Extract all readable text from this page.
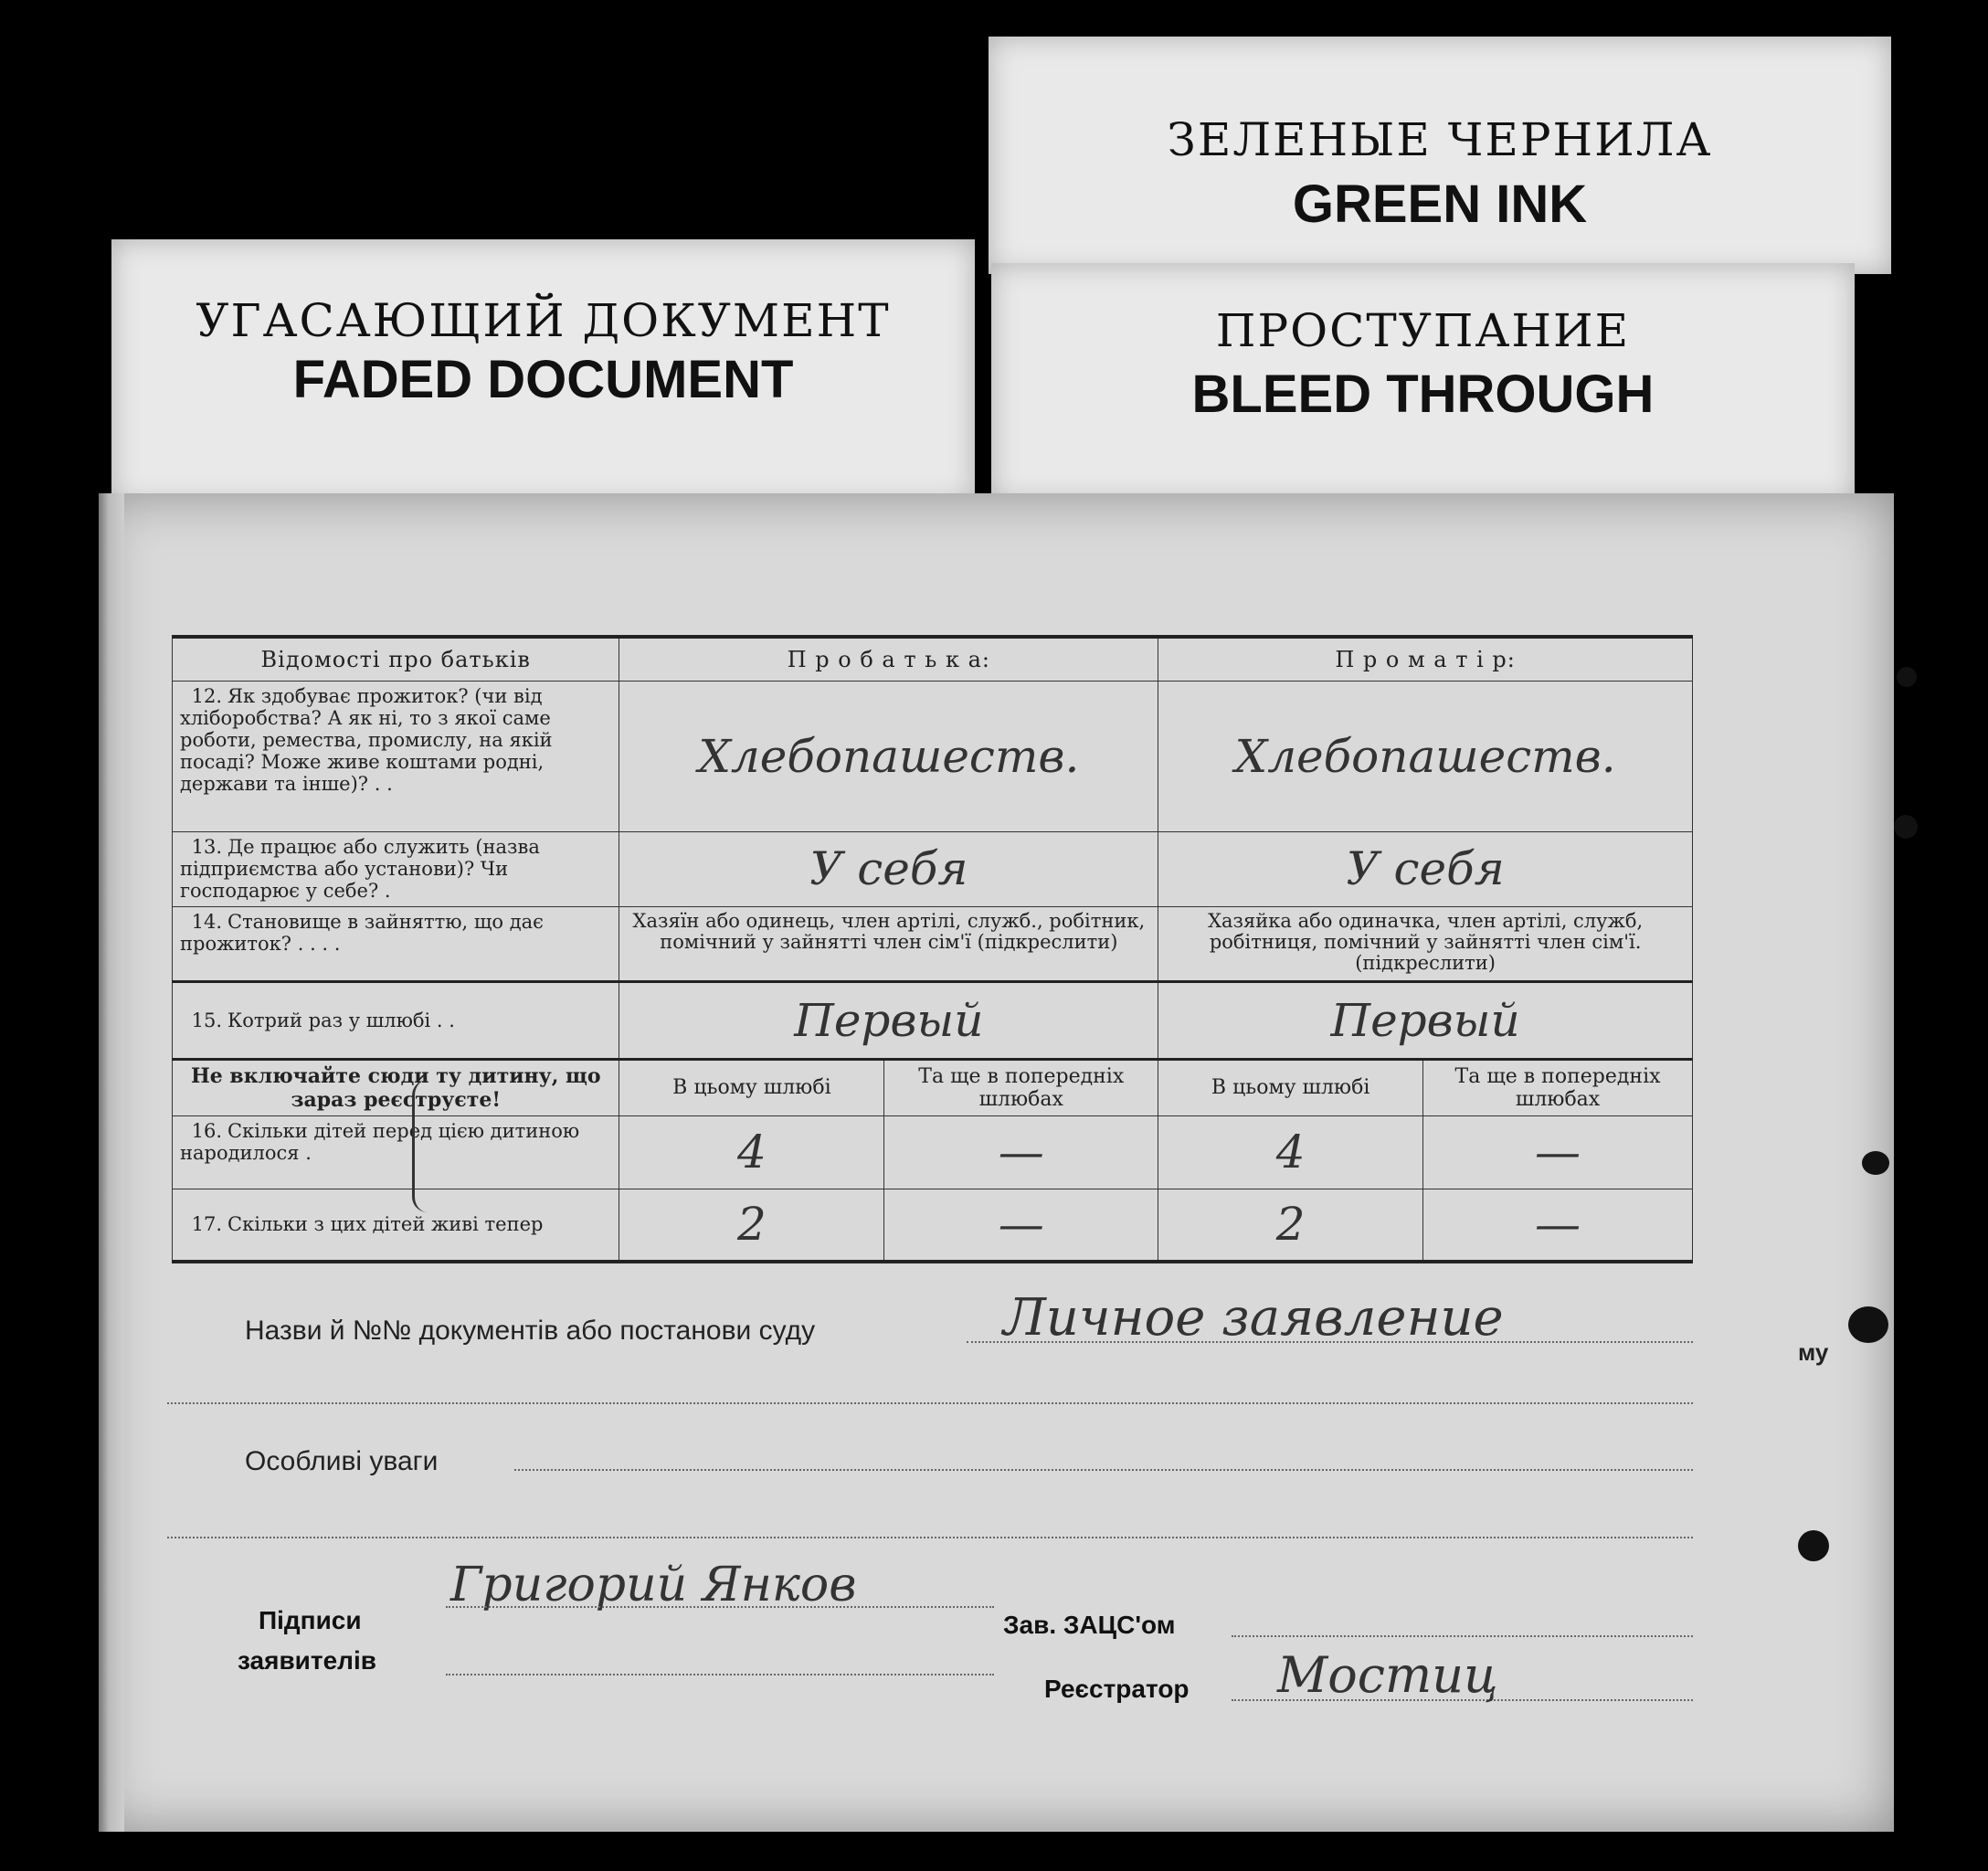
УГАСАЮЩИЙ ДОКУМЕНТ
FADED DOCUMENT
ЗЕЛЕНЫЕ ЧЕРНИЛА
GREEN INK
ПРОСТУПАНИЕ
BLEED THROUGH
Відомості про батьків	П р о б а т ь к а:		П р о м а т і р:	
12. Як здобуває прожиток? (чи від хліборобства? А як ні, то з якої саме роботи, ремества, промислу, на якій посаді? Може живе коштами родні, держави та інше)? . .	Хлебопашеств.		Хлебопашеств.	
13. Де працює або служить (назва підприємства або установи)? Чи господарює у себе? .	У себя		У себя	
14. Становище в зайняттю, що дає прожиток? . . . .	Хазяїн або одинець, член артілі, служб., робітник, помічний у зайнятті член сім'ї (підкреслити)		Хазяйка або одиначка, член артілі, служб, робітниця, помічний у зайнятті член сім'ї. (підкреслити)	
15. Котрий раз у шлюбі . .	Первый		Первый	
Не включайте сюди ту дитину, що зараз реєструєте!	В цьому шлюбі	Та ще в попередніх шлюбах	В цьому шлюбі	Та ще в попередніх шлюбах
16. Скільки дітей перед цією дитиною народилося .	4	—	4	—
17. Скільки з цих дітей живі тепер	2	—	2	—
Назви й №№ документів або постанови суду	Личное заявление
Особливі уваги
Підписи
заявителів
Григорий Янков
Зав. ЗАЦС'ом
Реєстратор Мостиц
му
